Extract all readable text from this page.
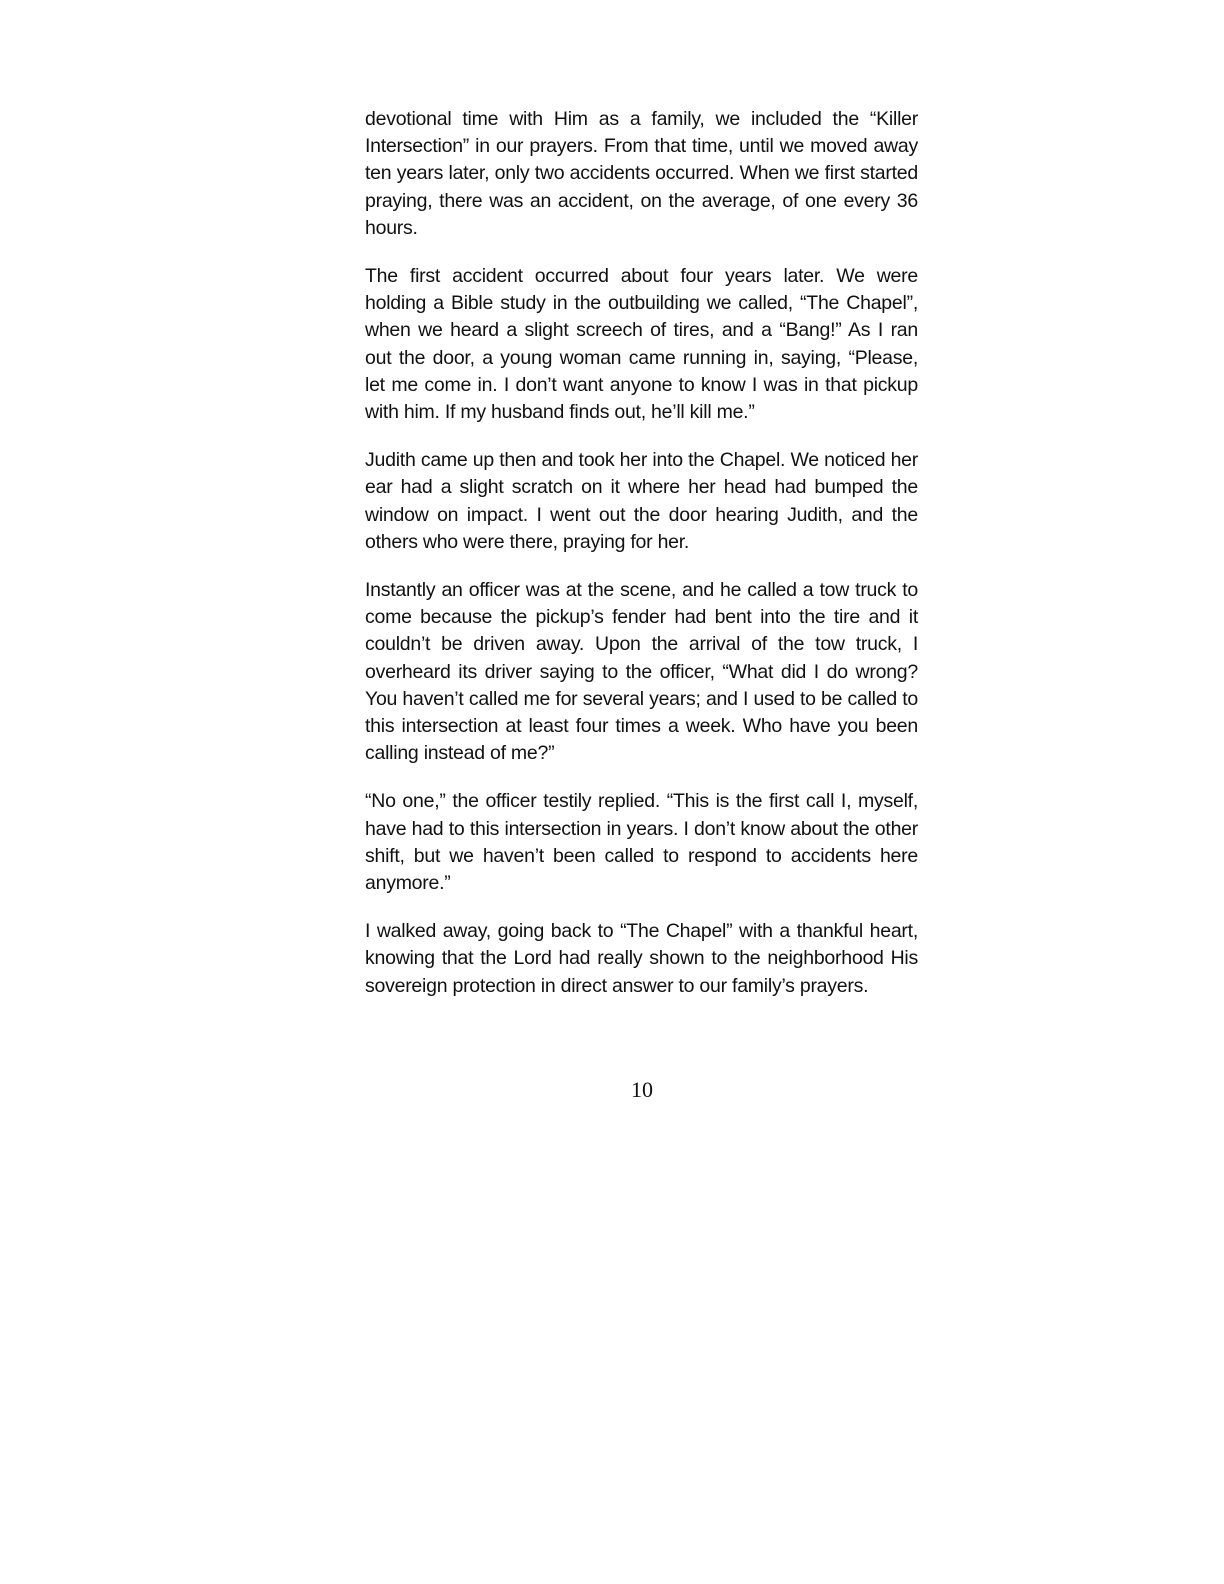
devotional time with Him as a family, we included the “Killer Intersection” in our prayers. From that time, until we moved away ten years later, only two accidents occurred. When we first started praying, there was an accident, on the average, of one every 36 hours.

The first accident occurred about four years later. We were holding a Bible study in the outbuilding we called, “The Chapel”, when we heard a slight screech of tires, and a “Bang!” As I ran out the door, a young woman came running in, saying, “Please, let me come in. I don’t want anyone to know I was in that pickup with him. If my husband finds out, he’ll kill me.”

Judith came up then and took her into the Chapel. We noticed her ear had a slight scratch on it where her head had bumped the window on impact. I went out the door hearing Judith, and the others who were there, praying for her.

Instantly an officer was at the scene, and he called a tow truck to come because the pickup’s fender had bent into the tire and it couldn’t be driven away. Upon the arrival of the tow truck, I overheard its driver saying to the officer, “What did I do wrong? You haven’t called me for several years; and I used to be called to this intersection at least four times a week. Who have you been calling instead of me?”

“No one,” the officer testily replied. “This is the first call I, myself, have had to this intersection in years. I don’t know about the other shift, but we haven’t been called to respond to accidents here anymore.”

I walked away, going back to “The Chapel” with a thankful heart, knowing that the Lord had really shown to the neighborhood His sovereign protection in direct answer to our family’s prayers.

10
